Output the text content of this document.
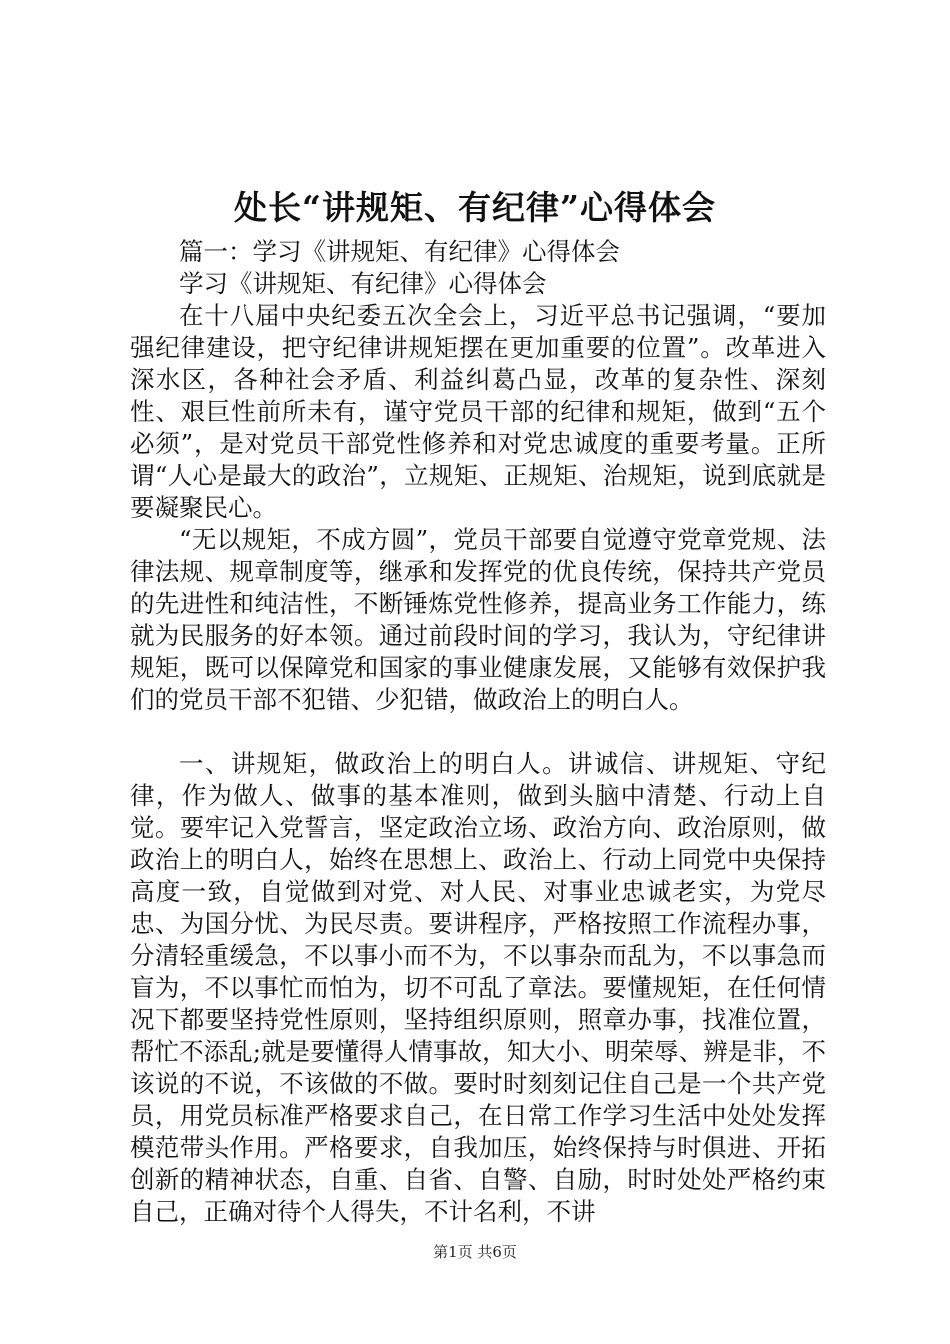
处长“讲规矩、有纪律”心得体会

篇一：学习《讲规矩、有纪律》心得体会

学习《讲规矩、有纪律》心得体会

在十八届中央纪委五次全会上，习近平总书记强调，“要加强纪律建设，把守纪律讲规矩摆在更加重要的位置”。改革进入深水区，各种社会矛盾、利益纠葛凸显，改革的复杂性、深刻性、艰巨性前所未有，谨守党员干部的纪律和规矩，做到“五个必须”，是对党员干部党性修养和对党忠诚度的重要考量。正所谓“人心是最大的政治”，立规矩、正规矩、治规矩，说到底就是要凝聚民心。

“无以规矩，不成方圆”，党员干部要自觉遵守党章党规、法律法规、规章制度等，继承和发挥党的优良传统，保持共产党员的先进性和纯洁性，不断锤炼党性修养，提高业务工作能力，练就为民服务的好本领。通过前段时间的学习，我认为，守纪律讲规矩，既可以保障党和国家的事业健康发展，又能够有效保护我们的党员干部不犯错、少犯错，做政治上的明白人。

一、讲规矩，做政治上的明白人。讲诚信、讲规矩、守纪律，作为做人、做事的基本准则，做到头脑中清楚、行动上自觉。要牢记入党誓言，坚定政治立场、政治方向、政治原则，做政治上的明白人，始终在思想上、政治上、行动上同党中央保持高度一致，自觉做到对党、对人民、对事业忠诚老实，为党尽忠、为国分忧、为民尽责。要讲程序，严格按照工作流程办事，分清轻重缓急，不以事小而不为，不以事杂而乱为，不以事急而盲为，不以事忙而怕为，切不可乱了章法。要懂规矩，在任何情况下都要坚持党性原则，坚持组织原则，照章办事，找准位置，帮忙不添乱;就是要懂得人情事故，知大小、明荣辱、辨是非，不该说的不说，不该做的不做。要时时刻刻记住自己是一个共产党员，用党员标准严格要求自己，在日常工作学习生活中处处发挥模范带头作用。严格要求，自我加压，始终保持与时俱进、开拓创新的精神状态，自重、自省、自警、自励，时时处处严格约束自己，正确对待个人得失，不计名利，不讲

第1页 共6页
